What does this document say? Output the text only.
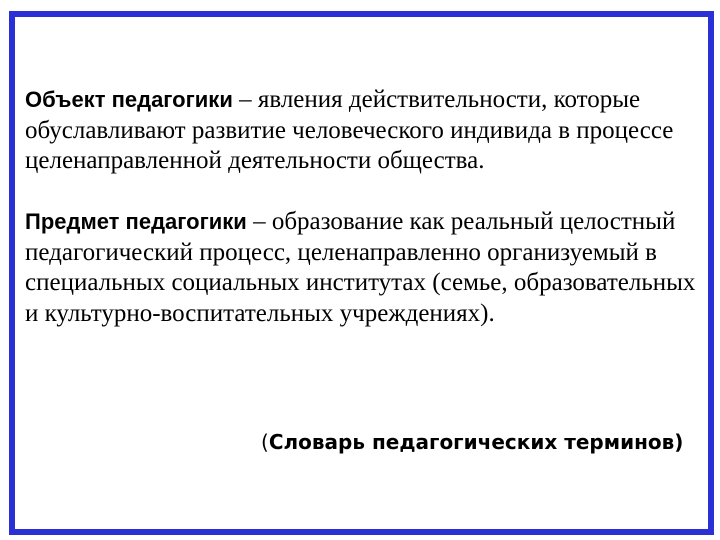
Объект педагогики – явления действительности, которые обуславливают развитие человеческого индивида в процессе целенаправленной деятельности общества.

Предмет педагогики – образование как реальный целостный педагогический процесс, целенаправленно организуемый в специальных социальных институтах (семье, образовательных и культурно-воспитательных учреждениях).

(Словарь педагогических терминов)
